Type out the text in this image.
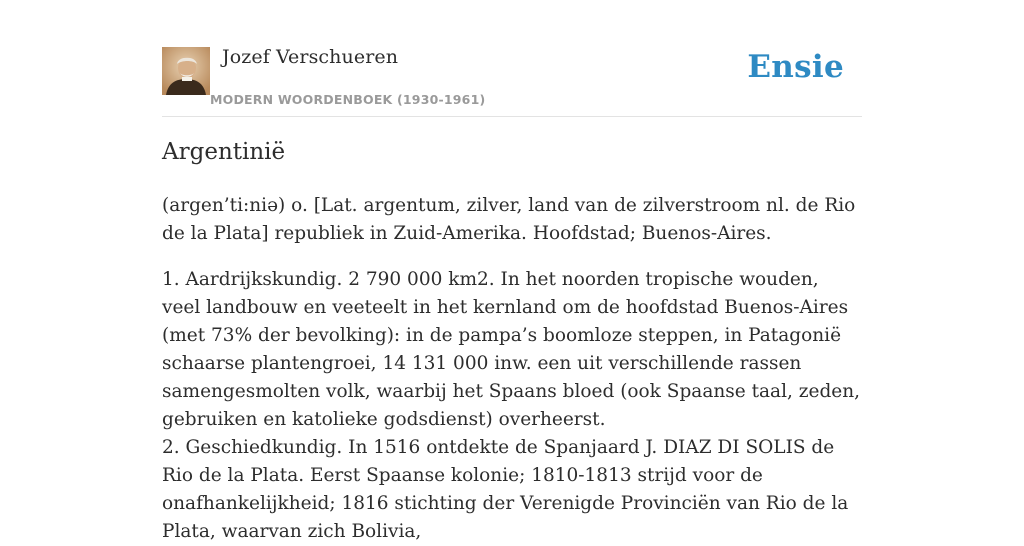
Jozef Verschueren
MODERN WOORDENBOEK (1930-1961)
Ensie
Argentinië

(argen’ti:niə) o. [Lat. argentum, zilver, land van de zilverstroom nl. de Rio de la Plata] republiek in Zuid-Amerika. Hoofdstad; Buenos-Aires.

1. Aardrijkskundig. 2 790 000 km2. In het noorden tropische wouden, veel landbouw en veeteelt in het kernland om de hoofdstad Buenos-Aires (met 73% der bevolking): in de pampa’s boomloze steppen, in Patagonië schaarse plantengroei, 14 131 000 inw. een uit verschillende rassen samengesmolten volk, waarbij het Spaans bloed (ook Spaanse taal, zeden, gebruiken en katolieke godsdienst) overheerst.

2. Geschiedkundig. In 1516 ontdekte de Spanjaard J. DIAZ DI SOLIS de Rio de la Plata. Eerst Spaanse kolonie; 1810-1813 strijd voor de onafhankelijkheid; 1816 stichting der Verenigde Provinciën van Rio de la Plata, waarvan zich Bolivia,
